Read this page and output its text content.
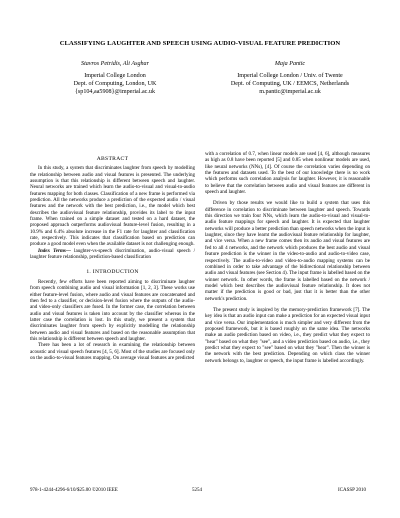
CLASSIFYING LAUGHTER AND SPEECH USING AUDIO-VISUAL FEATURE PREDICTION
Stavros Petridis, Ali Asghar
Imperial College London
Dept. of Computing, London, UK
{sp104,aa5908}@imperial.ac.uk
Maja Pantic
Imperial College London / Univ. of Twente
Dept. of Computing, UK / EEMCS, Netherlands
m.pantic@imperial.ac.uk
ABSTRACT

In this study, a system that discriminates laughter from speech by modelling the relationship between audio and visual features is presented. The underlying assumption is that this relationship is different between speech and laughter. Neural networks are trained which learn the audio-to-visual and visual-to-audio features mapping for both classes. Classification of a new frame is performed via prediction. All the networks produce a prediction of the expected audio / visual features and the network with the best prediction, i.e., the model which best describes the audiovisual feature relationship, provides its label to the input frame. When trained on a simple dataset and tested on a hard dataset, the proposed approach outperforms audiovisual feature-level fusion, resulting in a 10.9% and 6.4% absolute increase in the F1 rate for laughter and classification rate, respectively. This indicates that classification based on prediction can produce a good model even when the available dataset is not challenging enough.

Index Terms— laughter-vs-speech discrimination, audio-visual speech / laughter feature relationship, prediction-based classification

1. INTRODUCTION

Recently, few efforts have been reported aiming to discriminate laughter from speech combining audio and visual information [1, 2, 3]. These works use either feature-level fusion, where audio and visual features are concatenated and then fed to a classifier, or decision-level fusion where the outputs of the audio- and video-only classifiers are fused. In the former case, the correlation between audio and visual features is taken into account by the classifier whereas in the latter case the correlation is lost. In this study, we present a system that discriminates laughter from speech by explicitly modelling the relationship between audio and visual features and based on the reasonable assumption that this relationship is different between speech and laughter.

There has been a lot of research in examining the relationship between acoustic and visual speech features [4, 5, 6]. Most of the studies are focused only on the audio-to-visual features mapping. On average visual features are predicted

with a correlation of 0.7, when linear models are used [4, 6], although measures as high as 0.8 have been reported [5] and 0.85 when nonlinear models are used, like neural networks (NNs), [4]. Of course the correlation varies depending on the features and datasets used. To the best of our knowledge there is no work which performs such correlation analysis for laughter. However, it is reasonable to believe that the correlation between audio and visual features are different in speech and laughter.

Driven by those results we would like to build a system that uses this difference in correlation to discriminate between laughter and speech. Towards this direction we train four NNs, which learn the audio-to-visual and visual-to-audio feature mappings for speech and laughter. It is expected that laughter networks will produce a better prediction than speech networks when the input is laughter, since they have learnt the audiovisual feature relationship for laughter, and vice versa. When a new frame comes then its audio and visual features are fed to all 4 networks, and the network which produces the best audio and visual feature prediction is the winner in the video-to-audio and audio-to-video case, respectively. The audio-to-video and video-to-audio mapping systems can be combined in order to take advantage of the bidirectional relationship between audio and visual features (see Section 4). The input frame is labelled based on the winner network. In other words, the frame is labelled based on the network / model which best describes the audiovisual feature relationship. It does not matter if the prediction is good or bad, just that it is better than the other network's prediction.

The present study is inspired by the memory-prediction framework [7]. The key idea is that an audio input can make a prediction for an expected visual input and vice versa. Our implementation is much simpler and very different from the proposed framework, but it is based roughly on the same idea. The networks make an audio prediction based on video, i.e., they predict what they expect to "hear" based on what they "see", and a video prediction based on audio, i.e., they predict what they expect to "see" based on what they "hear". Then the winner is the network with the best prediction. Depending on which class the winner network belongs to, laughter or speech, the input frame is labelled accordingly.

978-1-4244-4296-6/10/$25.00 ©2010 IEEE	5254	ICASSP 2010
